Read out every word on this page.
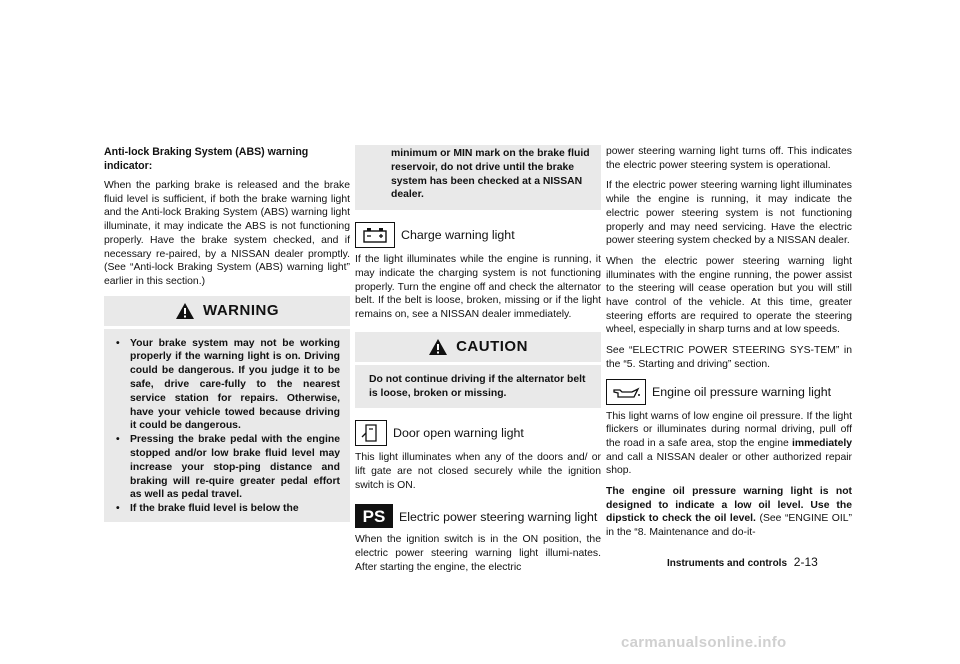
Anti-lock Braking System (ABS) warning indicator:

When the parking brake is released and the brake fluid level is sufficient, if both the brake warning light and the Anti-lock Braking System (ABS) warning light illuminate, it may indicate the ABS is not functioning properly. Have the brake system checked, and if necessary re-paired, by a NISSAN dealer promptly. (See “Anti-lock Braking System (ABS) warning light” earlier in this section.)

WARNING
• Your brake system may not be working properly if the warning light is on. Driving could be dangerous. If you judge it to be safe, drive care-fully to the nearest service station for repairs. Otherwise, have your vehicle towed because driving it could be dangerous.
• Pressing the brake pedal with the engine stopped and/or low brake fluid level may increase your stop-ping distance and braking will re-quire greater pedal effort as well as pedal travel.
• If the brake fluid level is below the
minimum or MIN mark on the brake fluid reservoir, do not drive until the brake system has been checked at a NISSAN dealer.
Charge warning light

If the light illuminates while the engine is running, it may indicate the charging system is not functioning properly. Turn the engine off and check the alternator belt. If the belt is loose, broken, missing or if the light remains on, see a NISSAN dealer immediately.

CAUTION
Do not continue driving if the alternator belt is loose, broken or missing.
Door open warning light

This light illuminates when any of the doors and/ or lift gate are not closed securely while the ignition switch is ON.

PS	Electric power steering warning light

When the ignition switch is in the ON position, the electric power steering warning light illumi-nates. After starting the engine, the electric

power steering warning light turns off. This indicates the electric power steering system is operational.

If the electric power steering warning light illuminates while the engine is running, it may indicate the electric power steering system is not functioning properly and may need servicing. Have the electric power steering system checked by a NISSAN dealer.

When the electric power steering warning light illuminates with the engine running, the power assist to the steering will cease operation but you will still have control of the vehicle. At this time, greater steering efforts are required to operate the steering wheel, especially in sharp turns and at low speeds.

See “ELECTRIC POWER STEERING SYS-TEM” in the “5. Starting and driving” section.

Engine oil pressure warning light

This light warns of low engine oil pressure. If the light flickers or illuminates during normal driving, pull off the road in a safe area, stop the engine immediately and call a NISSAN dealer or other authorized repair shop.

The engine oil pressure warning light is not designed to indicate a low oil level. Use the dipstick to check the oil level. (See “ENGINE OIL” in the “8. Maintenance and do-it-

Instruments and controls 2-13
carmanualsonline.info
